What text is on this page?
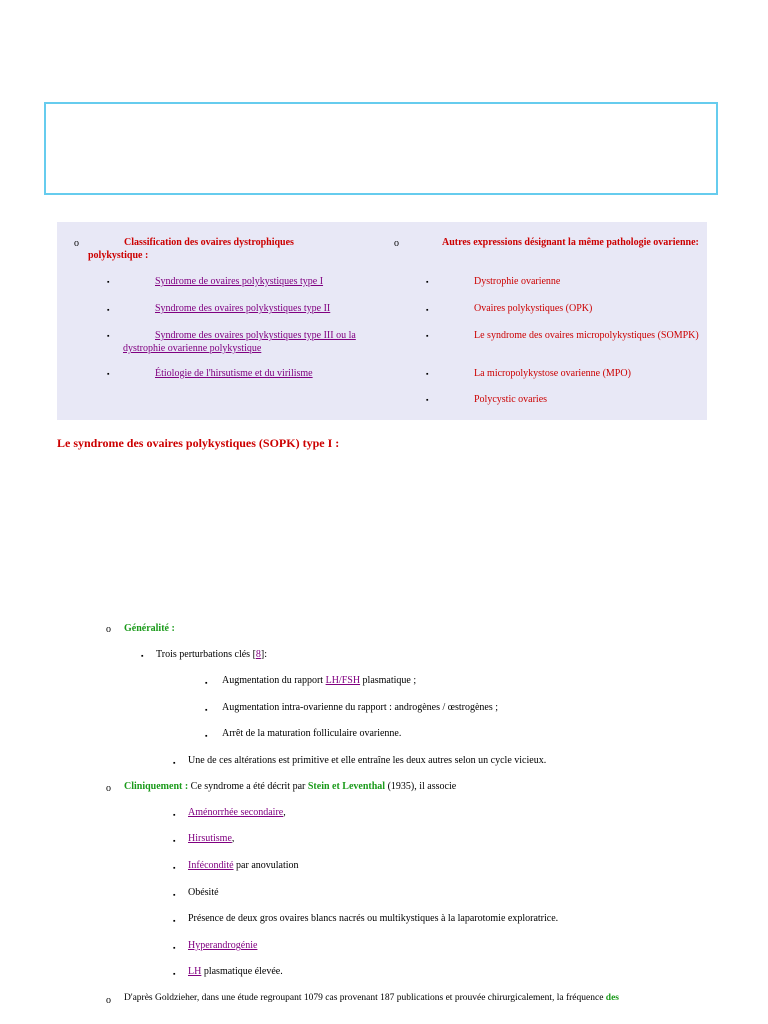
o	Classification des ovaires dystrophiques polykystique :
▪	Syndrome de ovaires polykystiques type I
▪	Syndrome des ovaires polykystiques type II
▪	Syndrome des ovaires polykystiques type III ou la dystrophie ovarienne polykystique
▪	Étiologie de l'hirsutisme et du virilisme
o	Autres expressions désignant la même pathologie ovarienne:
▪	Dystrophie ovarienne
▪	Ovaires polykystiques (OPK)
▪	Le syndrome des ovaires micropolykystiques (SOMPK)
▪	La micropolykystose ovarienne (MPO)
▪	Polycystic ovaries
Le syndrome des ovaires polykystiques (SOPK) type I :
o Généralité :
▪ Trois perturbations clés [8]:
▪ Augmentation du rapport LH/FSH plasmatique ;
▪ Augmentation intra-ovarienne du rapport : androgènes / œstrogènes ;
▪ Arrêt de la maturation folliculaire ovarienne.
▪ Une de ces altérations est primitive et elle entraîne les deux autres selon un cycle vicieux.
o Cliniquement : Ce syndrome a été décrit par Stein et Leventhal (1935), il associe
▪ Aménorrhée secondaire,
▪ Hirsutisme,
▪ Infécondité par anovulation
▪ Obésité
▪ Présence de deux gros ovaires blancs nacrés ou multikystiques à la laparotomie exploratrice.
▪ Hyperandrogénie
▪ LH plasmatique élevée.
o D'après Goldzieher, dans une étude regroupant 1079 cas provenant 187 publications et prouvée chirurgicalement, la fréquence des
